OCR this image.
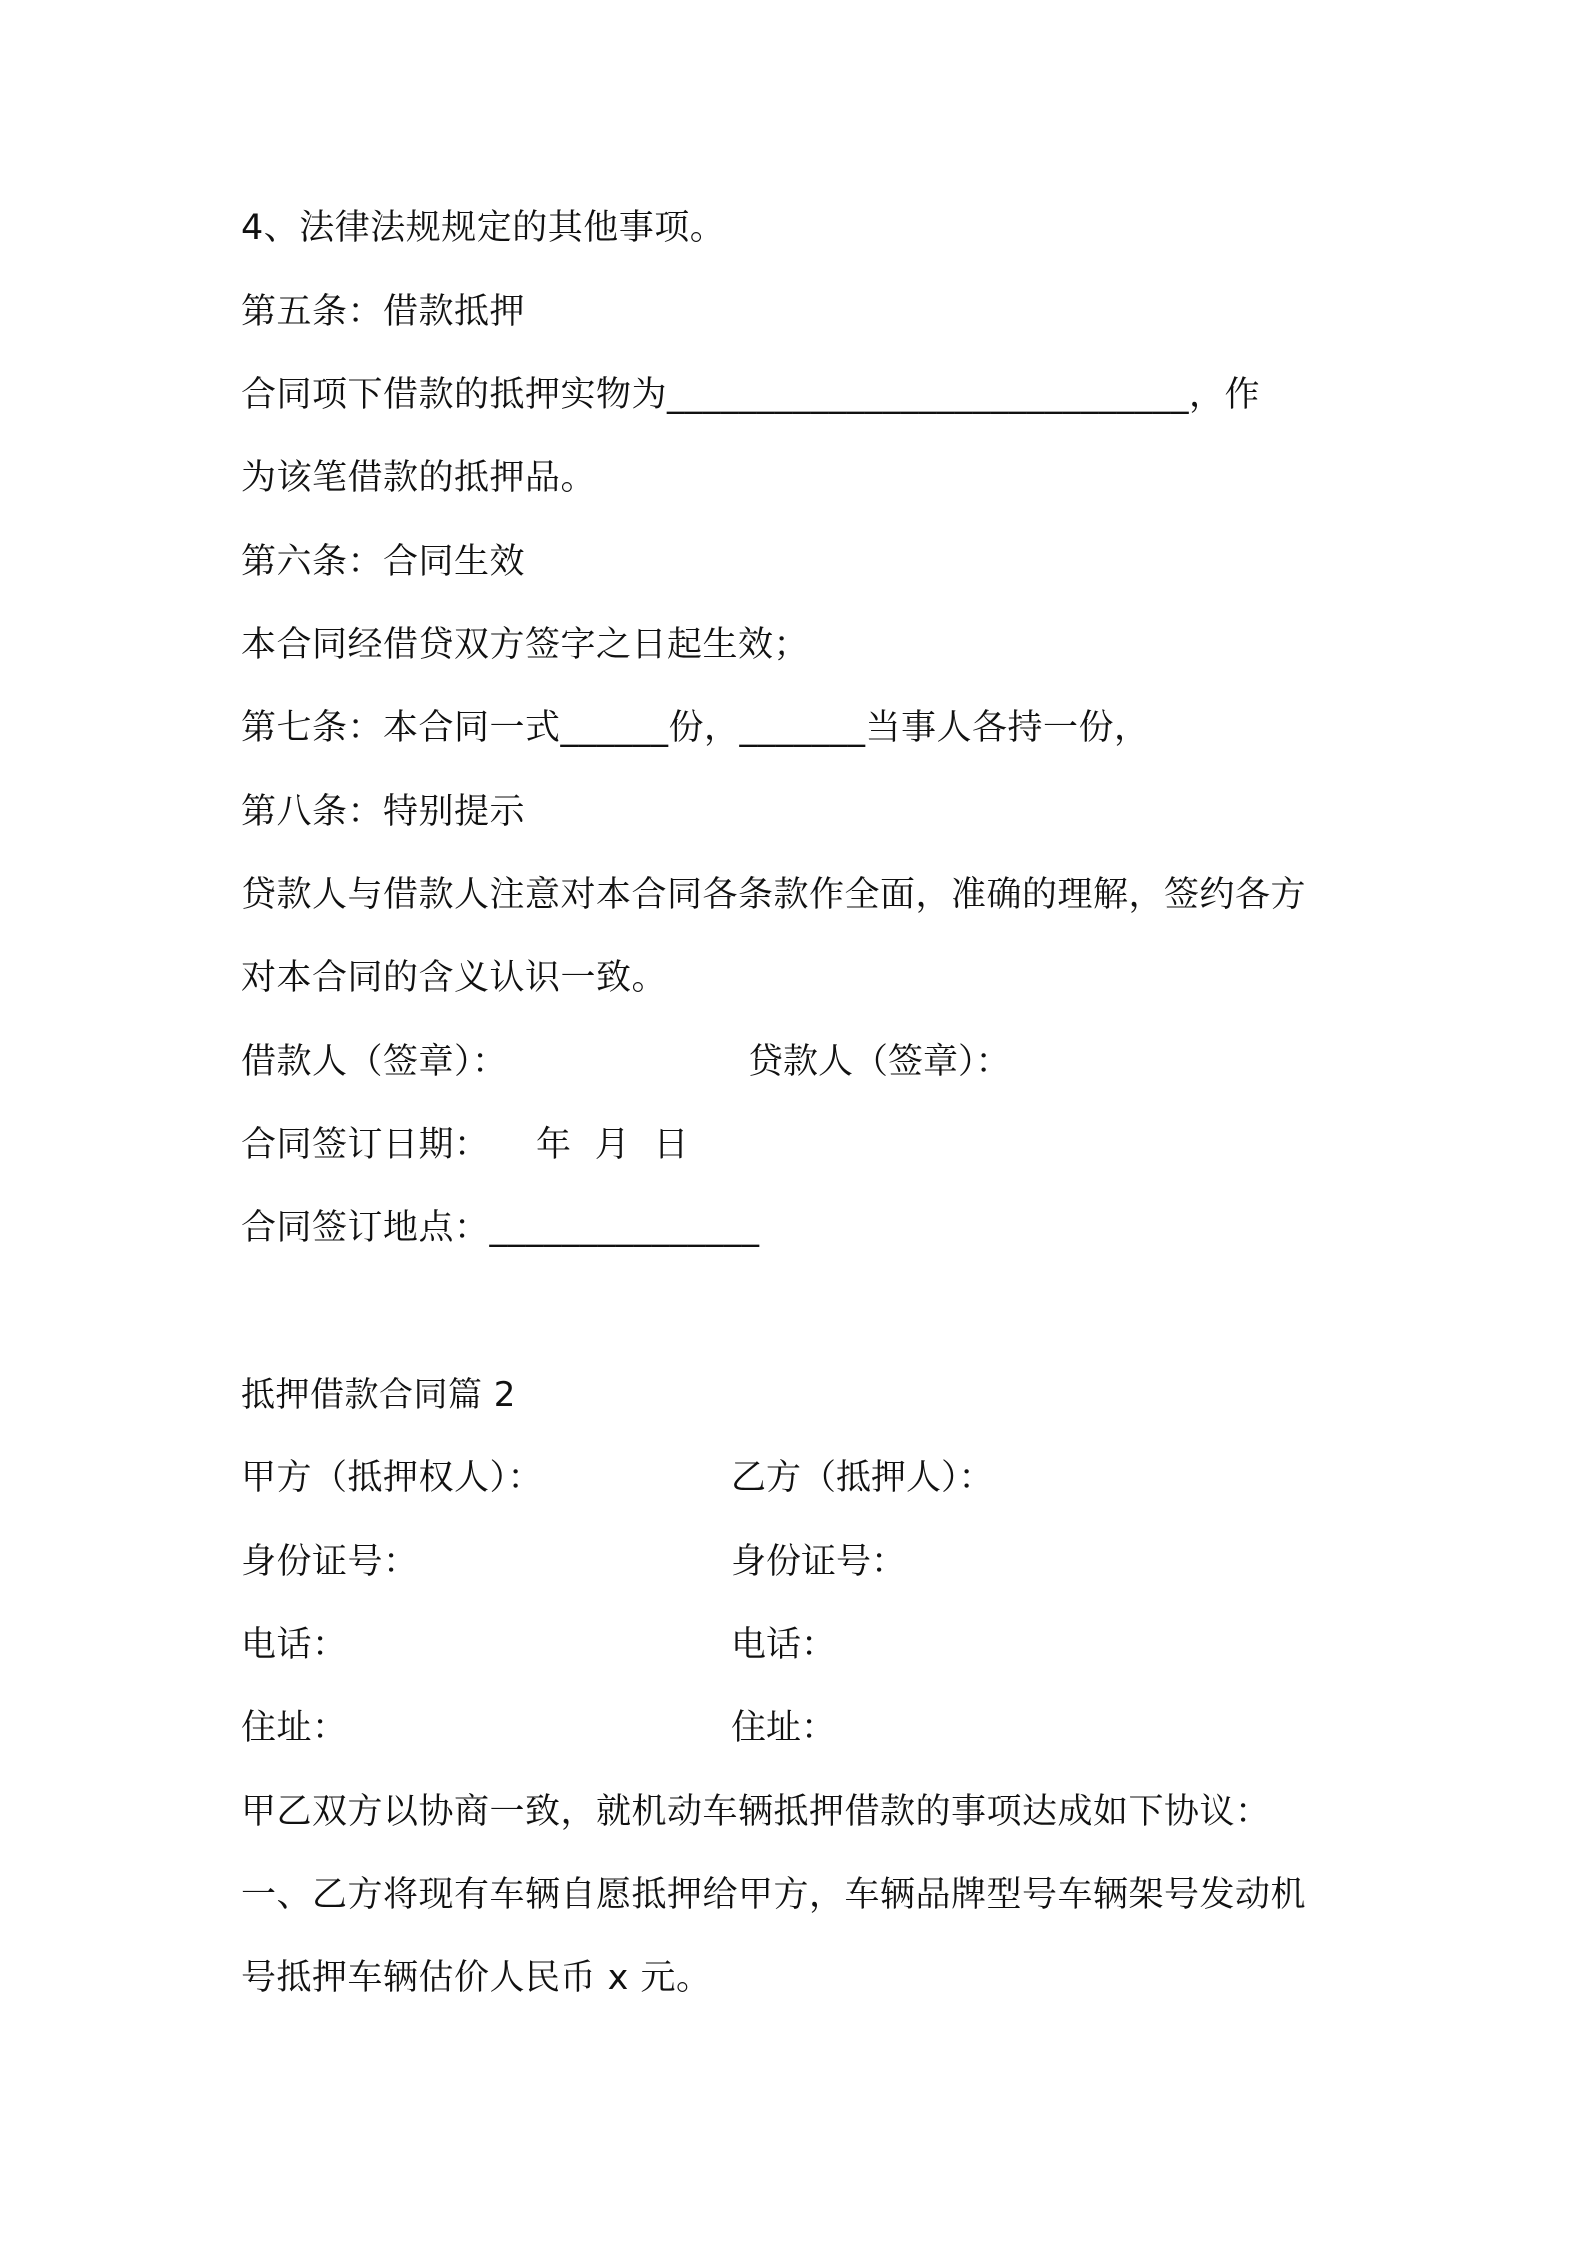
4、法律法规规定的其他事项。
第五条：借款抵押
合同项下借款的抵押实物为_____________________________，作
为该笔借款的抵押品。
第六条：合同生效
本合同经借贷双方签字之日起生效；
第七条：本合同一式______份，_______当事人各持一份，
第八条：特别提示
贷款人与借款人注意对本合同各条款作全面，准确的理解，签约各方
对本合同的含义认识一致。
借款人（签章）：	贷款人（签章）：
合同签订日期：    年  月  日
合同签订地点：_______________
抵押借款合同篇 2
甲方（抵押权人）：	乙方（抵押人）：
身份证号：	身份证号：
电话：	电话：
住址：	住址：
甲乙双方以协商一致，就机动车辆抵押借款的事项达成如下协议：
一、乙方将现有车辆自愿抵押给甲方，车辆品牌型号车辆架号发动机
号抵押车辆估价人民币 x 元。
